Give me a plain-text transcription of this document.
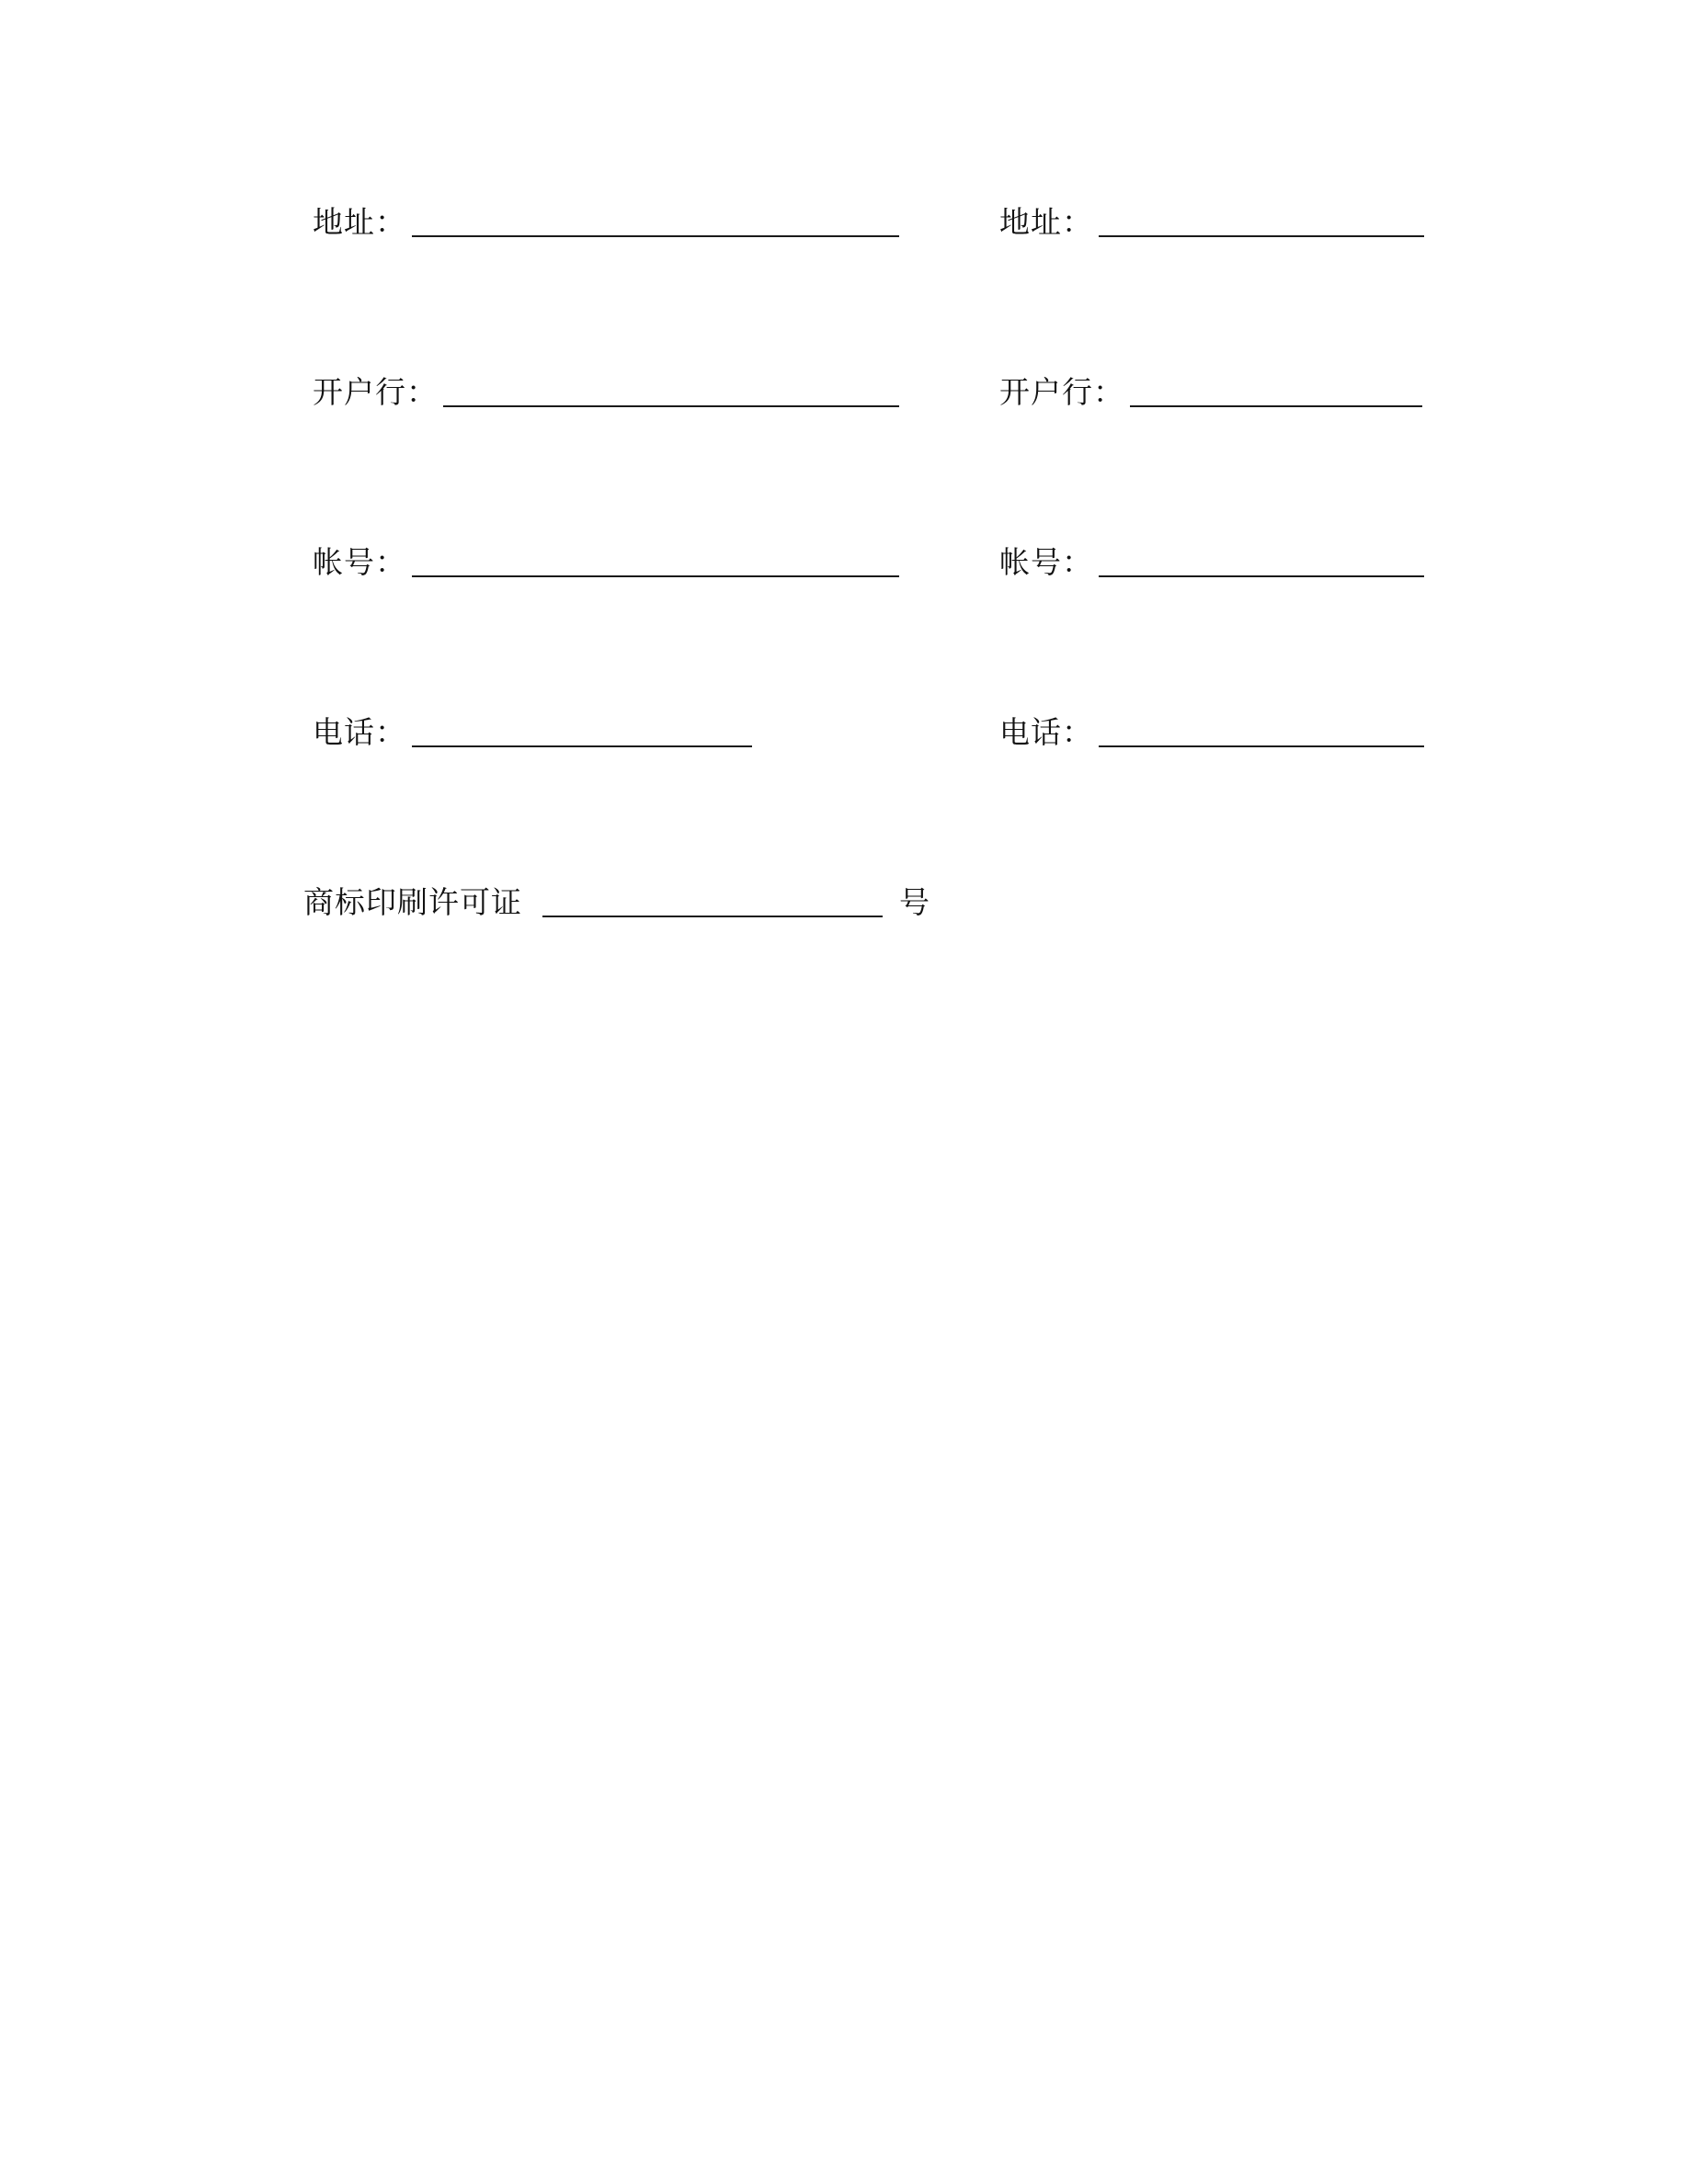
地址：
开户行：
帐号：
电话：
地址：
开户行：
帐号：
电话：
商标印刷许可证	号
